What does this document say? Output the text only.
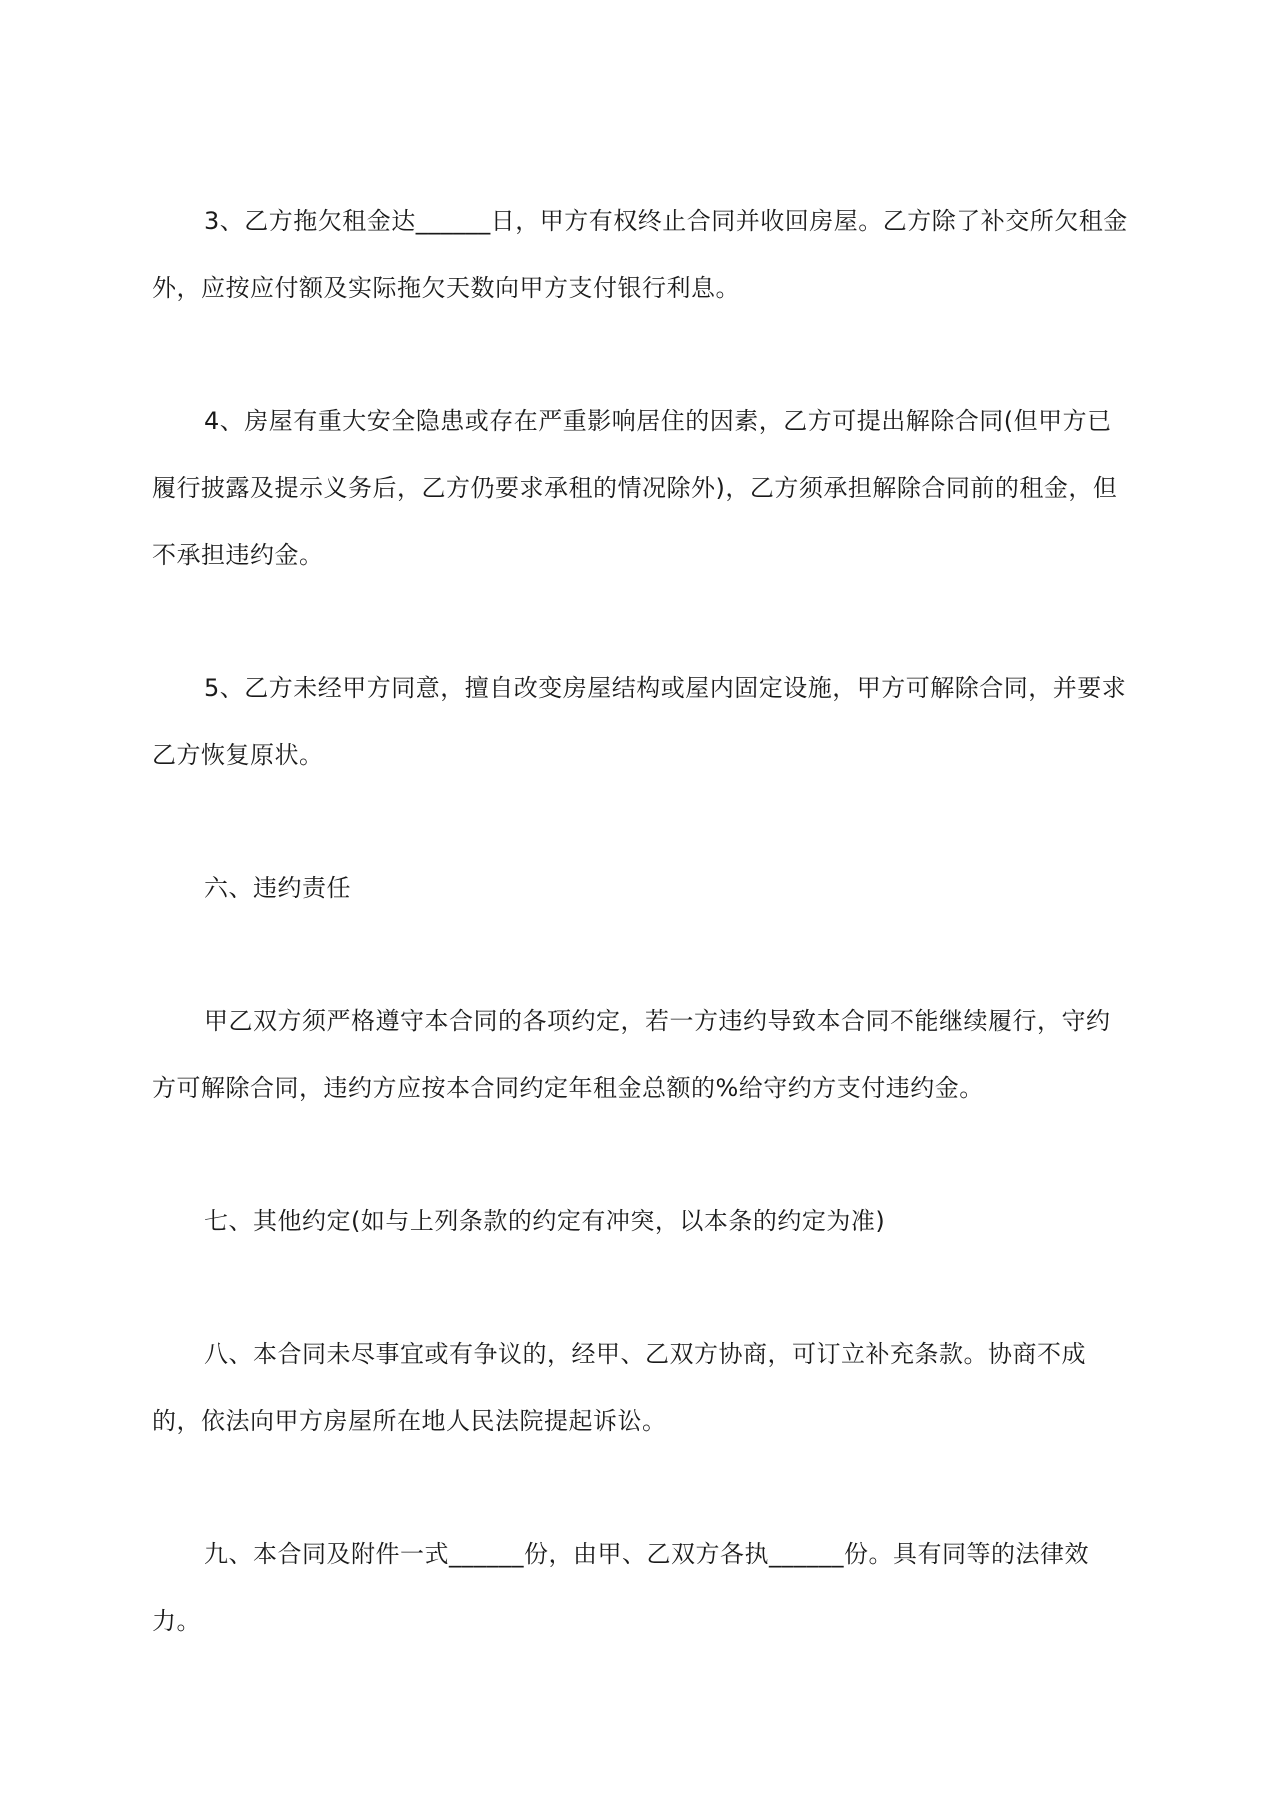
3、乙方拖欠租金达______日，甲方有权终止合同并收回房屋。乙方除了补交所欠租金外，应按应付额及实际拖欠天数向甲方支付银行利息。

4、房屋有重大安全隐患或存在严重影响居住的因素，乙方可提出解除合同(但甲方已履行披露及提示义务后，乙方仍要求承租的情况除外)，乙方须承担解除合同前的租金，但不承担违约金。

5、乙方未经甲方同意，擅自改变房屋结构或屋内固定设施，甲方可解除合同，并要求乙方恢复原状。

六、违约责任

甲乙双方须严格遵守本合同的各项约定，若一方违约导致本合同不能继续履行，守约方可解除合同，违约方应按本合同约定年租金总额的%给守约方支付违约金。

七、其他约定(如与上列条款的约定有冲突，以本条的约定为准)

八、本合同未尽事宜或有争议的，经甲、乙双方协商，可订立补充条款。协商不成的，依法向甲方房屋所在地人民法院提起诉讼。

九、本合同及附件一式______份，由甲、乙双方各执______份。具有同等的法律效力。
